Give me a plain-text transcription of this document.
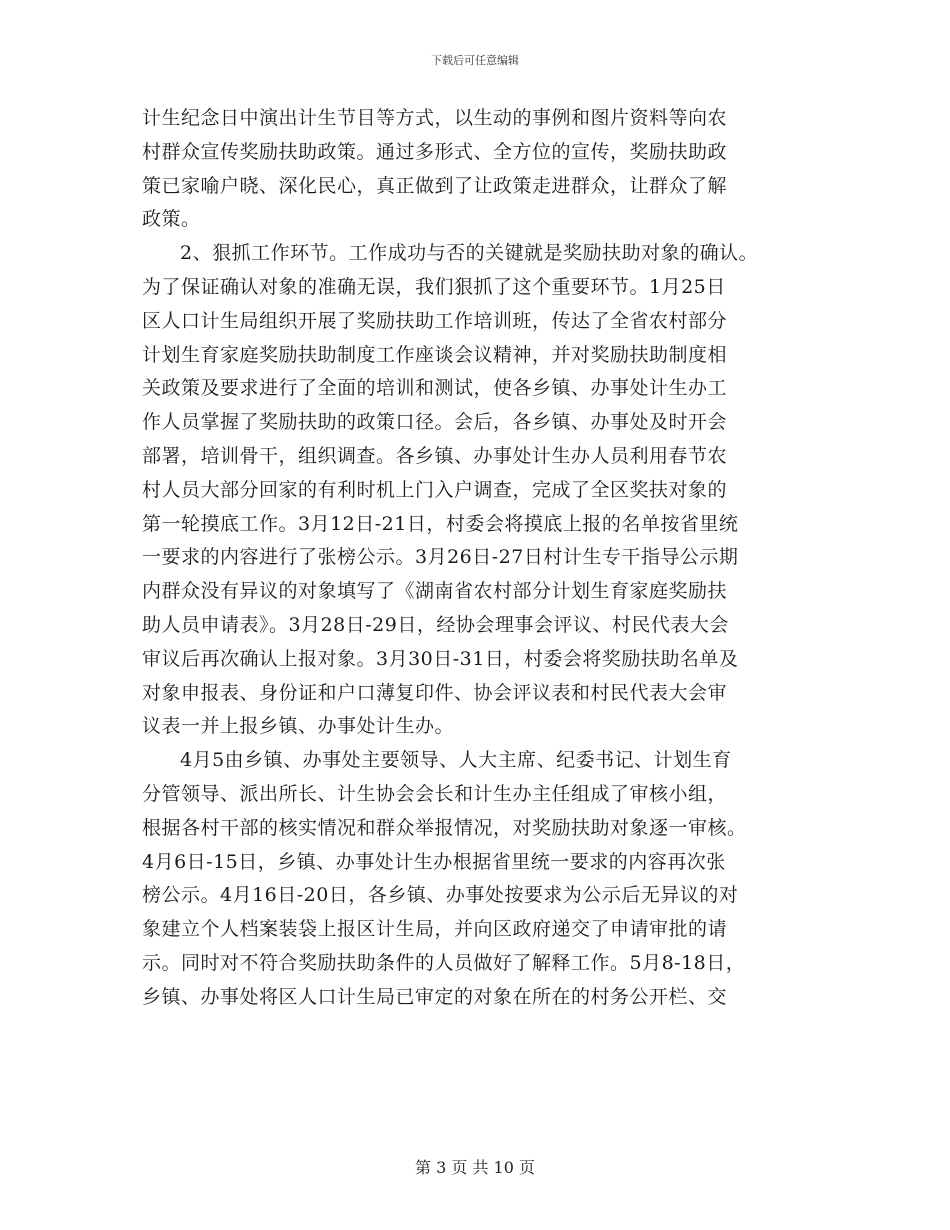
下载后可任意编辑
计生纪念日中演出计生节目等方式，以生动的事例和图片资料等向农
村群众宣传奖励扶助政策。通过多形式、全方位的宣传，奖励扶助政
策已家喻户晓、深化民心，真正做到了让政策走进群众，让群众了解
政策。
2、狠抓工作环节。工作成功与否的关键就是奖励扶助对象的确认。
为了保证确认对象的准确无误，我们狠抓了这个重要环节。1月25日
区人口计生局组织开展了奖励扶助工作培训班，传达了全省农村部分
计划生育家庭奖励扶助制度工作座谈会议精神，并对奖励扶助制度相
关政策及要求进行了全面的培训和测试，使各乡镇、办事处计生办工
作人员掌握了奖励扶助的政策口径。会后，各乡镇、办事处及时开会
部署，培训骨干，组织调查。各乡镇、办事处计生办人员利用春节农
村人员大部分回家的有利时机上门入户调查，完成了全区奖扶对象的
第一轮摸底工作。3月12日-21日，村委会将摸底上报的名单按省里统
一要求的内容进行了张榜公示。3月26日-27日村计生专干指导公示期
内群众没有异议的对象填写了《湖南省农村部分计划生育家庭奖励扶
助人员申请表》。3月28日-29日，经协会理事会评议、村民代表大会
审议后再次确认上报对象。3月30日-31日，村委会将奖励扶助名单及
对象申报表、身份证和户口薄复印件、协会评议表和村民代表大会审
议表一并上报乡镇、办事处计生办。
4月5由乡镇、办事处主要领导、人大主席、纪委书记、计划生育
分管领导、派出所长、计生协会会长和计生办主任组成了审核小组，
根据各村干部的核实情况和群众举报情况，对奖励扶助对象逐一审核。
4月6日-15日，乡镇、办事处计生办根据省里统一要求的内容再次张
榜公示。4月16日-20日，各乡镇、办事处按要求为公示后无异议的对
象建立个人档案装袋上报区计生局，并向区政府递交了申请审批的请
示。同时对不符合奖励扶助条件的人员做好了解释工作。5月8-18日，
乡镇、办事处将区人口计生局已审定的对象在所在的村务公开栏、交
第 3 页 共 10 页
